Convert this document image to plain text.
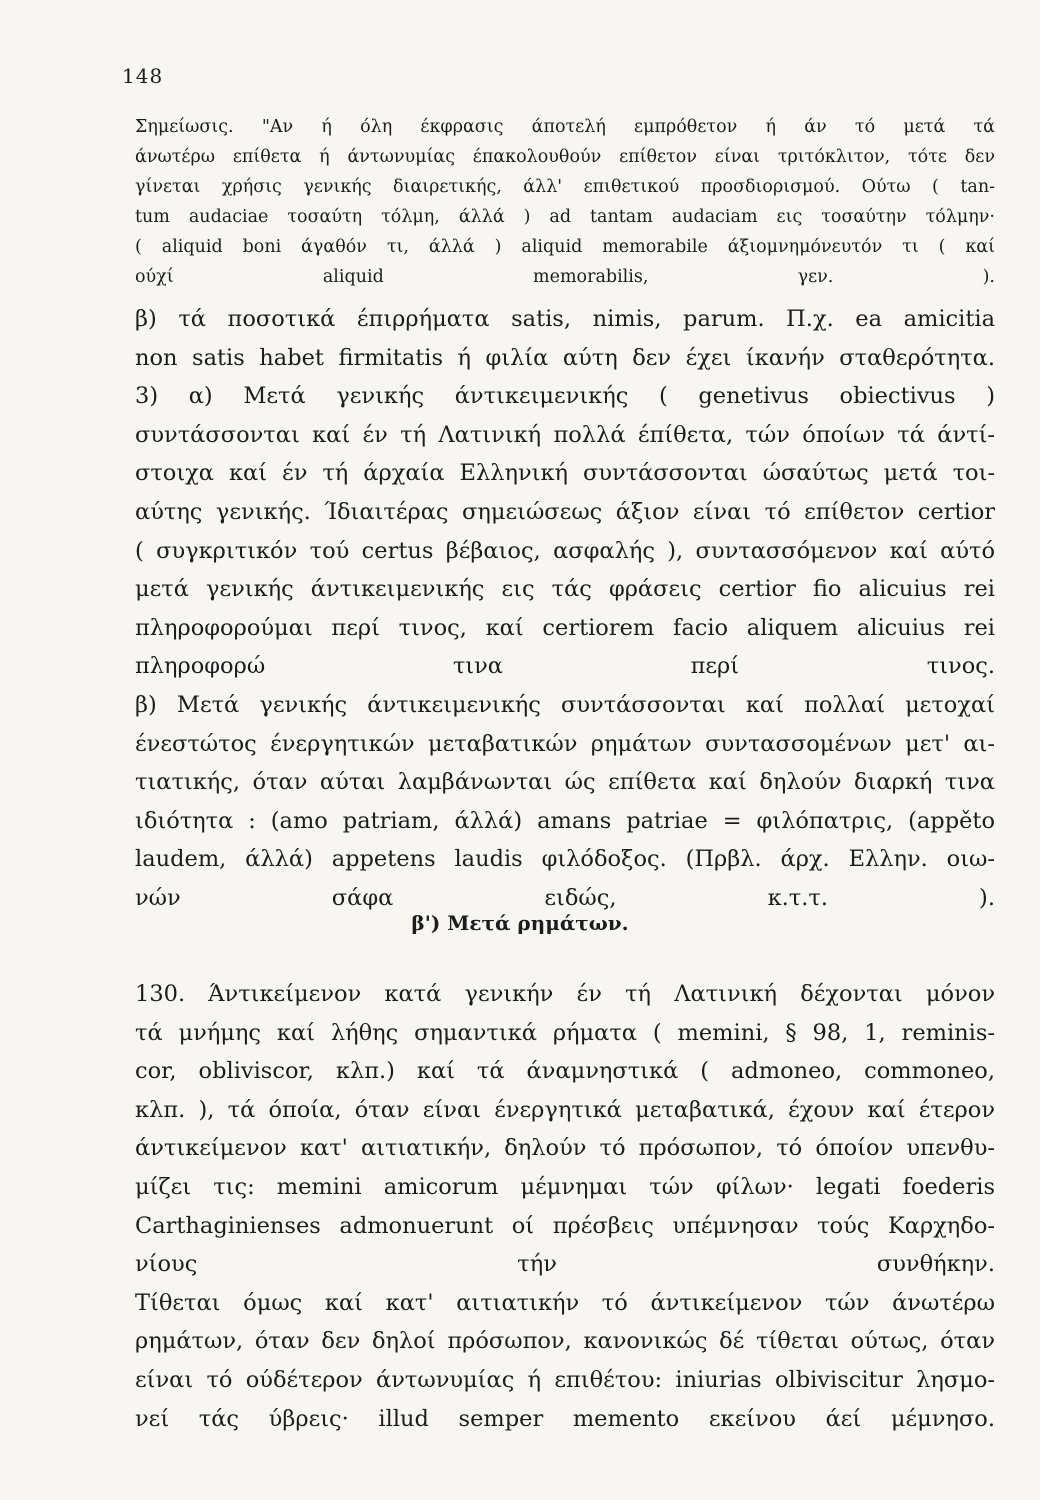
148
Σημείωσις. "Αν ή όλη έκφρασις άποτελή εμπρόθετον ή άν τό μετά τά
άνωτέρω επίθετα ή άντωνυμίας έπακολουθούν επίθετον είναι τριτόκλιτον, τότε δεν
γίνεται χρήσις γενικής διαιρετικής, άλλ' επιθετικού προσδιορισμού. Ούτω ( tan-
tum audaciae τοσαύτη τόλμη, άλλά ) ad tantam audaciam εις τοσαύτην τόλμην·
( aliquid boni άγαθόν τι, άλλά ) aliquid memorabile άξιομνημόνευτόν τι ( καί
ούχί aliquid memorabilis, γεν. ).
β) τά ποσοτικά έπιρρήματα satis, nimis, parum. Π.χ. ea amicitia
non satis habet firmitatis ή φιλία αύτη δεν έχει ίκανήν σταθερότητα.
3) α) Μετά γενικής άντικειμενικής ( genetivus obiectivus )
συντάσσονται καί έν τή Λατινική πολλά έπίθετα, τών όποίων τά άντί-
στοιχα καί έν τή άρχαία Ελληνική συντάσσονται ώσαύτως μετά τοι-
αύτης γενικής. Ίδιαιτέρας σημειώσεως άξιον είναι τό επίθετον certior
( συγκριτικόν τού certus βέβαιος, ασφαλής ), συντασσόμενον καί αύτό
μετά γενικής άντικειμενικής εις τάς φράσεις certior fio alicuius rei
πληροφορούμαι περί τινος, καί certiorem facio aliquem alicuius rei
πληροφορώ τινα περί τινος.
β) Μετά γενικής άντικειμενικής συντάσσονται καί πολλαί μετοχαί
ένεστώτος ένεργητικών μεταβατικών ρημάτων συντασσομένων μετ' αι-
τιατικής, όταν αύται λαμβάνωνται ώς επίθετα καί δηλούν διαρκή τινα
ιδιότητα : (amo patriam, άλλά) amans patriae = φιλόπατρις, (appěto
laudem, άλλά) appetens laudis φιλόδοξος. (Πρβλ. άρχ. Ελλην. οιω-
νών σάφα ειδώς, κ.τ.τ. ).
β') Μετά ρημάτων.
130. Άντικείμενον κατά γενικήν έν τή Λατινική δέχονται μόνον
τά μνήμης καί λήθης σημαντικά ρήματα ( memini, § 98, 1, reminis-
cor, obliviscor, κλπ.) καί τά άναμνηστικά ( admoneo, commoneo,
κλπ. ), τά όποία, όταν είναι ένεργητικά μεταβατικά, έχουν καί έτερον
άντικείμενον κατ' αιτιατικήν, δηλούν τό πρόσωπον, τό όποίον υπενθυ-
μίζει τις: memini amicorum μέμνημαι τών φίλων· legati foederis
Carthaginienses admonuerunt οί πρέσβεις υπέμνησαν τούς Καρχηδο-
νίους τήν συνθήκην.
Τίθεται όμως καί κατ' αιτιατικήν τό άντικείμενον τών άνωτέρω
ρημάτων, όταν δεν δηλοί πρόσωπον, κανονικώς δέ τίθεται ούτως, όταν
είναι τό ούδέτερον άντωνυμίας ή επιθέτου: iniurias olbiviscitur λησμο-
νεί τάς ύβρεις· illud semper memento εκείνου άεί μέμνησο.
